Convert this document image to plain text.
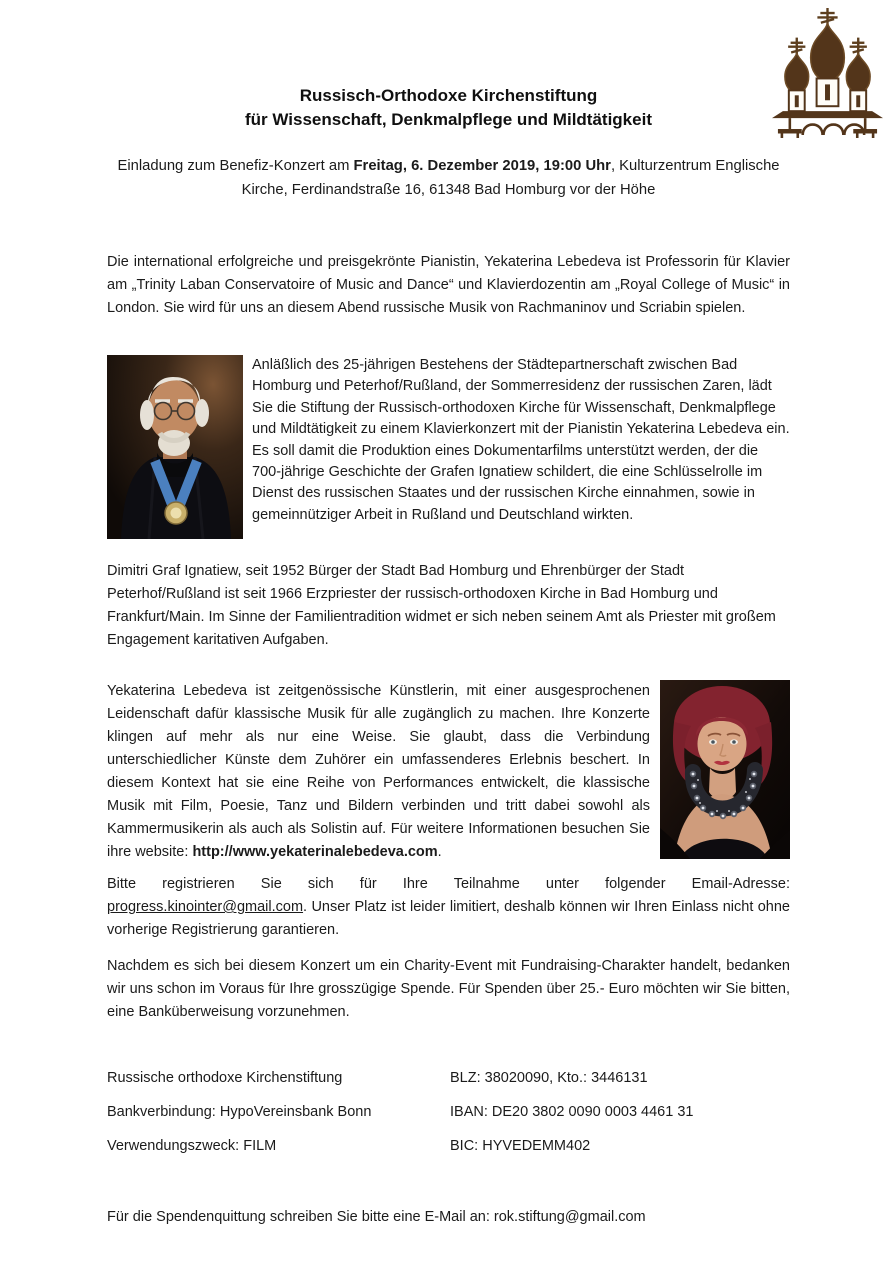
Russisch-Orthodoxe Kirchenstiftung
für Wissenschaft, Denkmalpflege und Mildtätigkeit

Einladung zum Benefiz-Konzert am Freitag, 6. Dezember 2019, 19:00 Uhr, Kulturzentrum Englische Kirche, Ferdinandstraße 16, 61348 Bad Homburg vor der Höhe

Die international erfolgreiche und preisgekrönte Pianistin, Yekaterina Lebedeva ist Professorin für Klavier am „Trinity Laban Conservatoire of Music and Dance“ und Klavierdozentin am „Royal College of Music“ in London. Sie wird für uns an diesem Abend russische Musik von Rachmaninov und Scriabin spielen.

Anläßlich des 25-jährigen Bestehens der Städtepartnerschaft zwischen Bad Homburg und Peterhof/Rußland, der Sommerresidenz der russischen Zaren, lädt Sie die Stiftung der Russisch-orthodoxen Kirche für Wissenschaft, Denkmalpflege und Mildtätigkeit zu einem Klavierkonzert mit der Pianistin Yekaterina Lebedeva ein. Es soll damit die Produktion eines Dokumentarfilms unterstützt werden, der die 700-jährige Geschichte der Grafen Ignatiew schildert, die eine Schlüsselrolle im Dienst des russischen Staates und der russischen Kirche einnahmen, sowie in gemeinnütziger Arbeit in Rußland und Deutschland wirkten.

Dimitri Graf Ignatiew, seit 1952 Bürger der Stadt Bad Homburg und Ehrenbürger der Stadt Peterhof/Rußland ist seit 1966 Erzpriester der russisch-orthodoxen Kirche in Bad Homburg und Frankfurt/Main. Im Sinne der Familientradition widmet er sich neben seinem Amt als Priester mit großem Engagement karitativen Aufgaben.

Yekaterina Lebedeva ist zeitgenössische Künstlerin, mit einer ausgesprochenen Leidenschaft dafür klassische Musik für alle zugänglich zu machen. Ihre Konzerte klingen auf mehr als nur eine Weise. Sie glaubt, dass die Verbindung unterschiedlicher Künste dem Zuhörer ein umfassenderes Erlebnis beschert. In diesem Kontext hat sie eine Reihe von Performances entwickelt, die klassische Musik mit Film, Poesie, Tanz und Bildern verbinden und tritt dabei sowohl als Kammermusikerin als auch als Solistin auf. Für weitere Informationen besuchen Sie ihre website: http://www.yekaterinalebedeva.com.

Bitte registrieren Sie sich für Ihre Teilnahme unter folgender Email-Adresse: progress.kinointer@gmail.com. Unser Platz ist leider limitiert, deshalb können wir Ihren Einlass nicht ohne vorherige Registrierung garantieren.

Nachdem es sich bei diesem Konzert um ein Charity-Event mit Fundraising-Charakter handelt, bedanken wir uns schon im Voraus für Ihre grosszügige Spende. Für Spenden über 25.- Euro möchten wir Sie bitten, eine Banküberweisung vorzunehmen.

Russische orthodoxe Kirchenstiftung	BLZ: 38020090, Kto.: 3446131
Bankverbindung: HypoVereinsbank Bonn	IBAN: DE20 3802 0090 0003 4461 31
Verwendungszweck: FILM	BIC: HYVEDEMM402

Für die Spendenquittung schreiben Sie bitte eine E-Mail an: rok.stiftung@gmail.com
